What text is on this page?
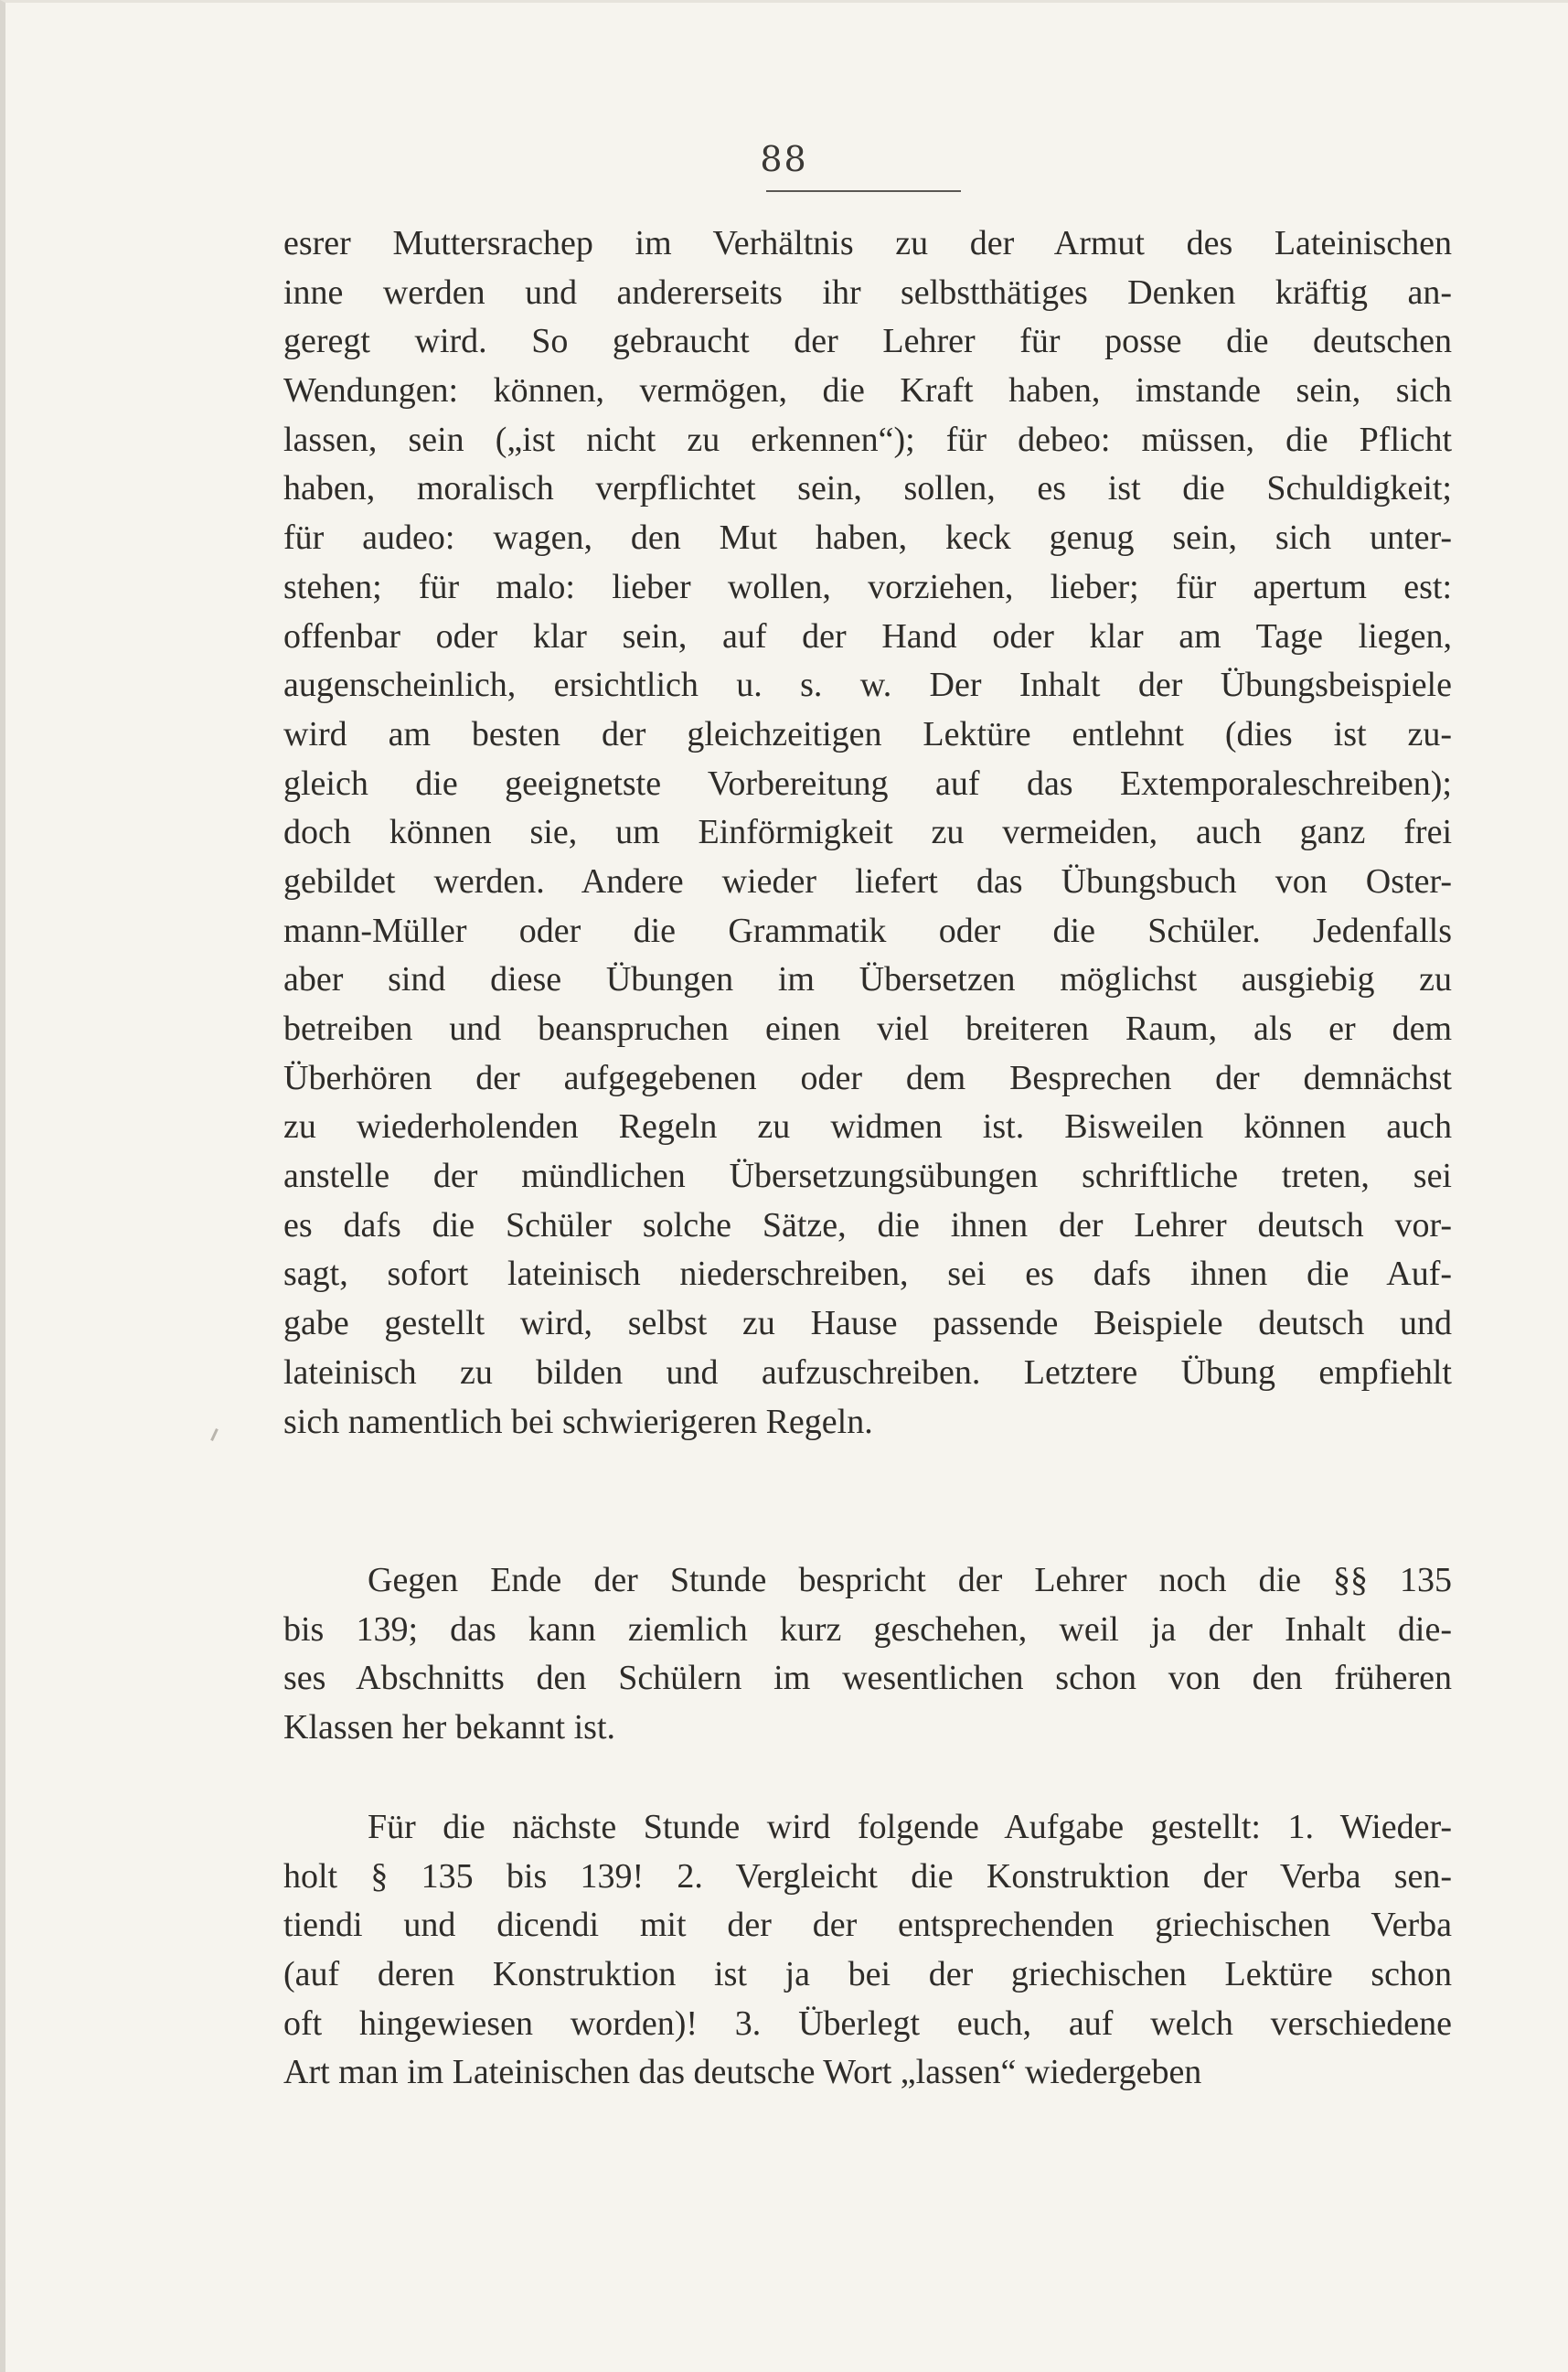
88
esrer Muttersrachep im Verhältnis zu der Armut des Lateinischen
inne werden und andererseits ihr selbstthätiges Denken kräftig an-
geregt wird. So gebraucht der Lehrer für posse die deutschen
Wendungen: können, vermögen, die Kraft haben, imstande sein, sich
lassen, sein („ist nicht zu erkennen“); für debeo: müssen, die Pflicht
haben, moralisch verpflichtet sein, sollen, es ist die Schuldigkeit;
für audeo: wagen, den Mut haben, keck genug sein, sich unter-
stehen; für malo: lieber wollen, vorziehen, lieber; für apertum est:
offenbar oder klar sein, auf der Hand oder klar am Tage liegen,
augenscheinlich, ersichtlich u. s. w. Der Inhalt der Übungsbeispiele
wird am besten der gleichzeitigen Lektüre entlehnt (dies ist zu-
gleich die geeignetste Vorbereitung auf das Extemporaleschreiben);
doch können sie, um Einförmigkeit zu vermeiden, auch ganz frei
gebildet werden. Andere wieder liefert das Übungsbuch von Oster-
mann-Müller oder die Grammatik oder die Schüler. Jedenfalls
aber sind diese Übungen im Übersetzen möglichst ausgiebig zu
betreiben und beanspruchen einen viel breiteren Raum, als er dem
Überhören der aufgegebenen oder dem Besprechen der demnächst
zu wiederholenden Regeln zu widmen ist. Bisweilen können auch
anstelle der mündlichen Übersetzungsübungen schriftliche treten, sei
es dafs die Schüler solche Sätze, die ihnen der Lehrer deutsch vor-
sagt, sofort lateinisch niederschreiben, sei es dafs ihnen die Auf-
gabe gestellt wird, selbst zu Hause passende Beispiele deutsch und
lateinisch zu bilden und aufzuschreiben. Letztere Übung empfiehlt
sich namentlich bei schwierigeren Regeln.
Gegen Ende der Stunde bespricht der Lehrer noch die §§ 135
bis 139; das kann ziemlich kurz geschehen, weil ja der Inhalt die-
ses Abschnitts den Schülern im wesentlichen schon von den früheren
Klassen her bekannt ist.
Für die nächste Stunde wird folgende Aufgabe gestellt: 1. Wieder-
holt § 135 bis 139! 2. Vergleicht die Konstruktion der Verba sen-
tiendi und dicendi mit der der entsprechenden griechischen Verba
(auf deren Konstruktion ist ja bei der griechischen Lektüre schon
oft hingewiesen worden)! 3. Überlegt euch, auf welch verschiedene
Art man im Lateinischen das deutsche Wort „lassen“ wiedergeben
